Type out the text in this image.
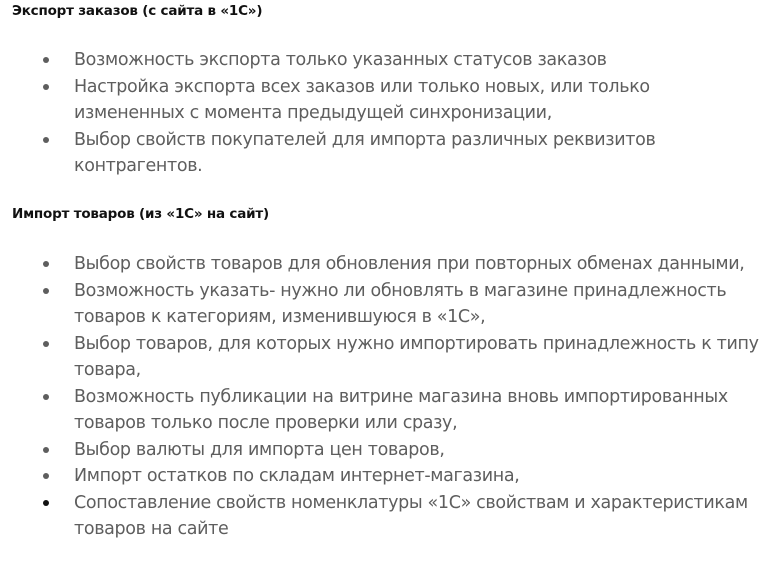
Экспорт заказов (с сайта в «1С»)
Возможность экспорта только указанных статусов заказов
Настройка экспорта всех заказов или только новых, или только измененных с момента предыдущей синхронизации,
Выбор свойств покупателей для импорта различных реквизитов контрагентов.
Импорт товаров (из «1С» на сайт)
Выбор свойств товаров для обновления при повторных обменах данными,
Возможность указать- нужно ли обновлять в магазине принадлежность товаров к категориям, изменившуюся в «1С»,
Выбор товаров, для которых нужно импортировать принадлежность к типу товара,
Возможность публикации на витрине магазина вновь импортированных товаров только после проверки или сразу,
Выбор валюты для импорта цен товаров,
Импорт остатков по складам интернет-магазина,
Сопоставление свойств номенклатуры «1С» свойствам и характеристикам товаров на сайте
